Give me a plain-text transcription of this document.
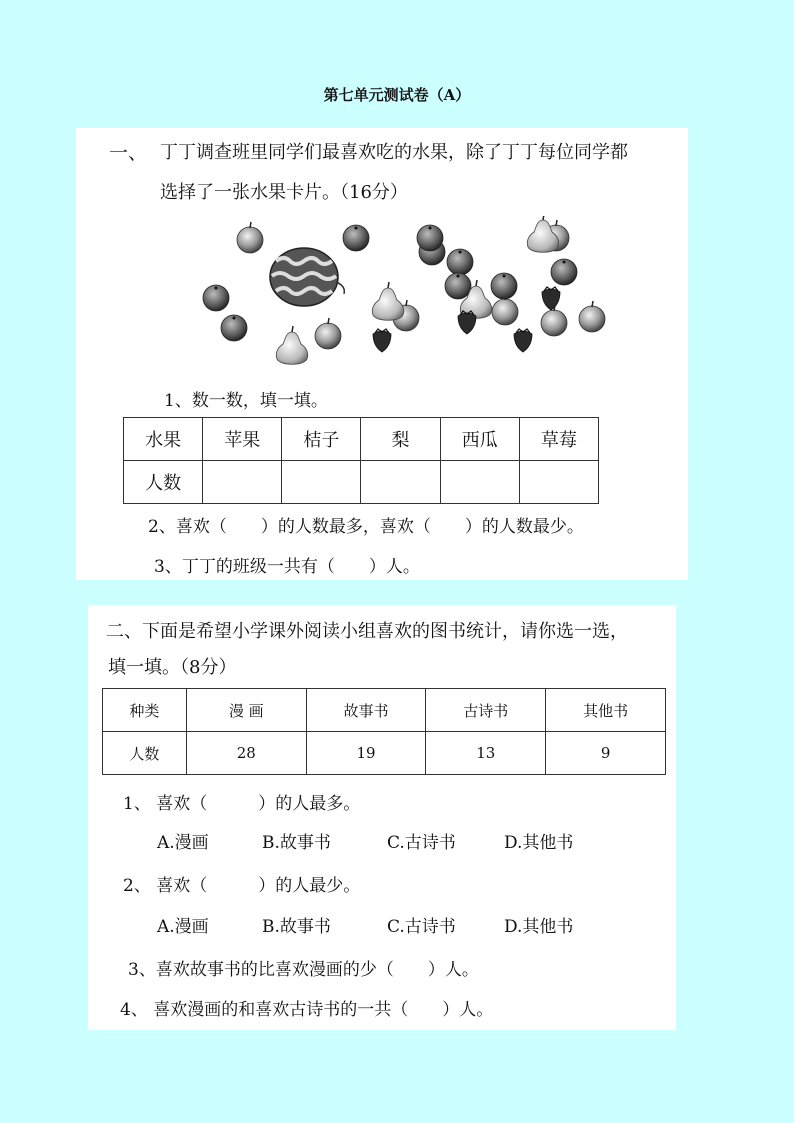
第七单元测试卷（A）
一、 丁丁调查班里同学们最喜欢吃的水果，除了丁丁每位同学都
选择了一张水果卡片。（16分）
1、数一数，填一填。
水果	苹果	桔子	梨	西瓜	草莓
人数					
2、喜欢（　　）的人数最多，喜欢（　　）的人数最少。
3、丁丁的班级一共有（　　）人。
二、下面是希望小学课外阅读小组喜欢的图书统计，请你选一选，
填一填。（8分）
种类	漫 画	故事书	古诗书	其他书
人数	28	19	13	9
1、 喜欢（　　　）的人最多。
A.漫画	B.故事书	C.古诗书	D.其他书
2、 喜欢（　　　）的人最少。
A.漫画	B.故事书	C.古诗书	D.其他书
3、喜欢故事书的比喜欢漫画的少（　　）人。
4、 喜欢漫画的和喜欢古诗书的一共（　　）人。
